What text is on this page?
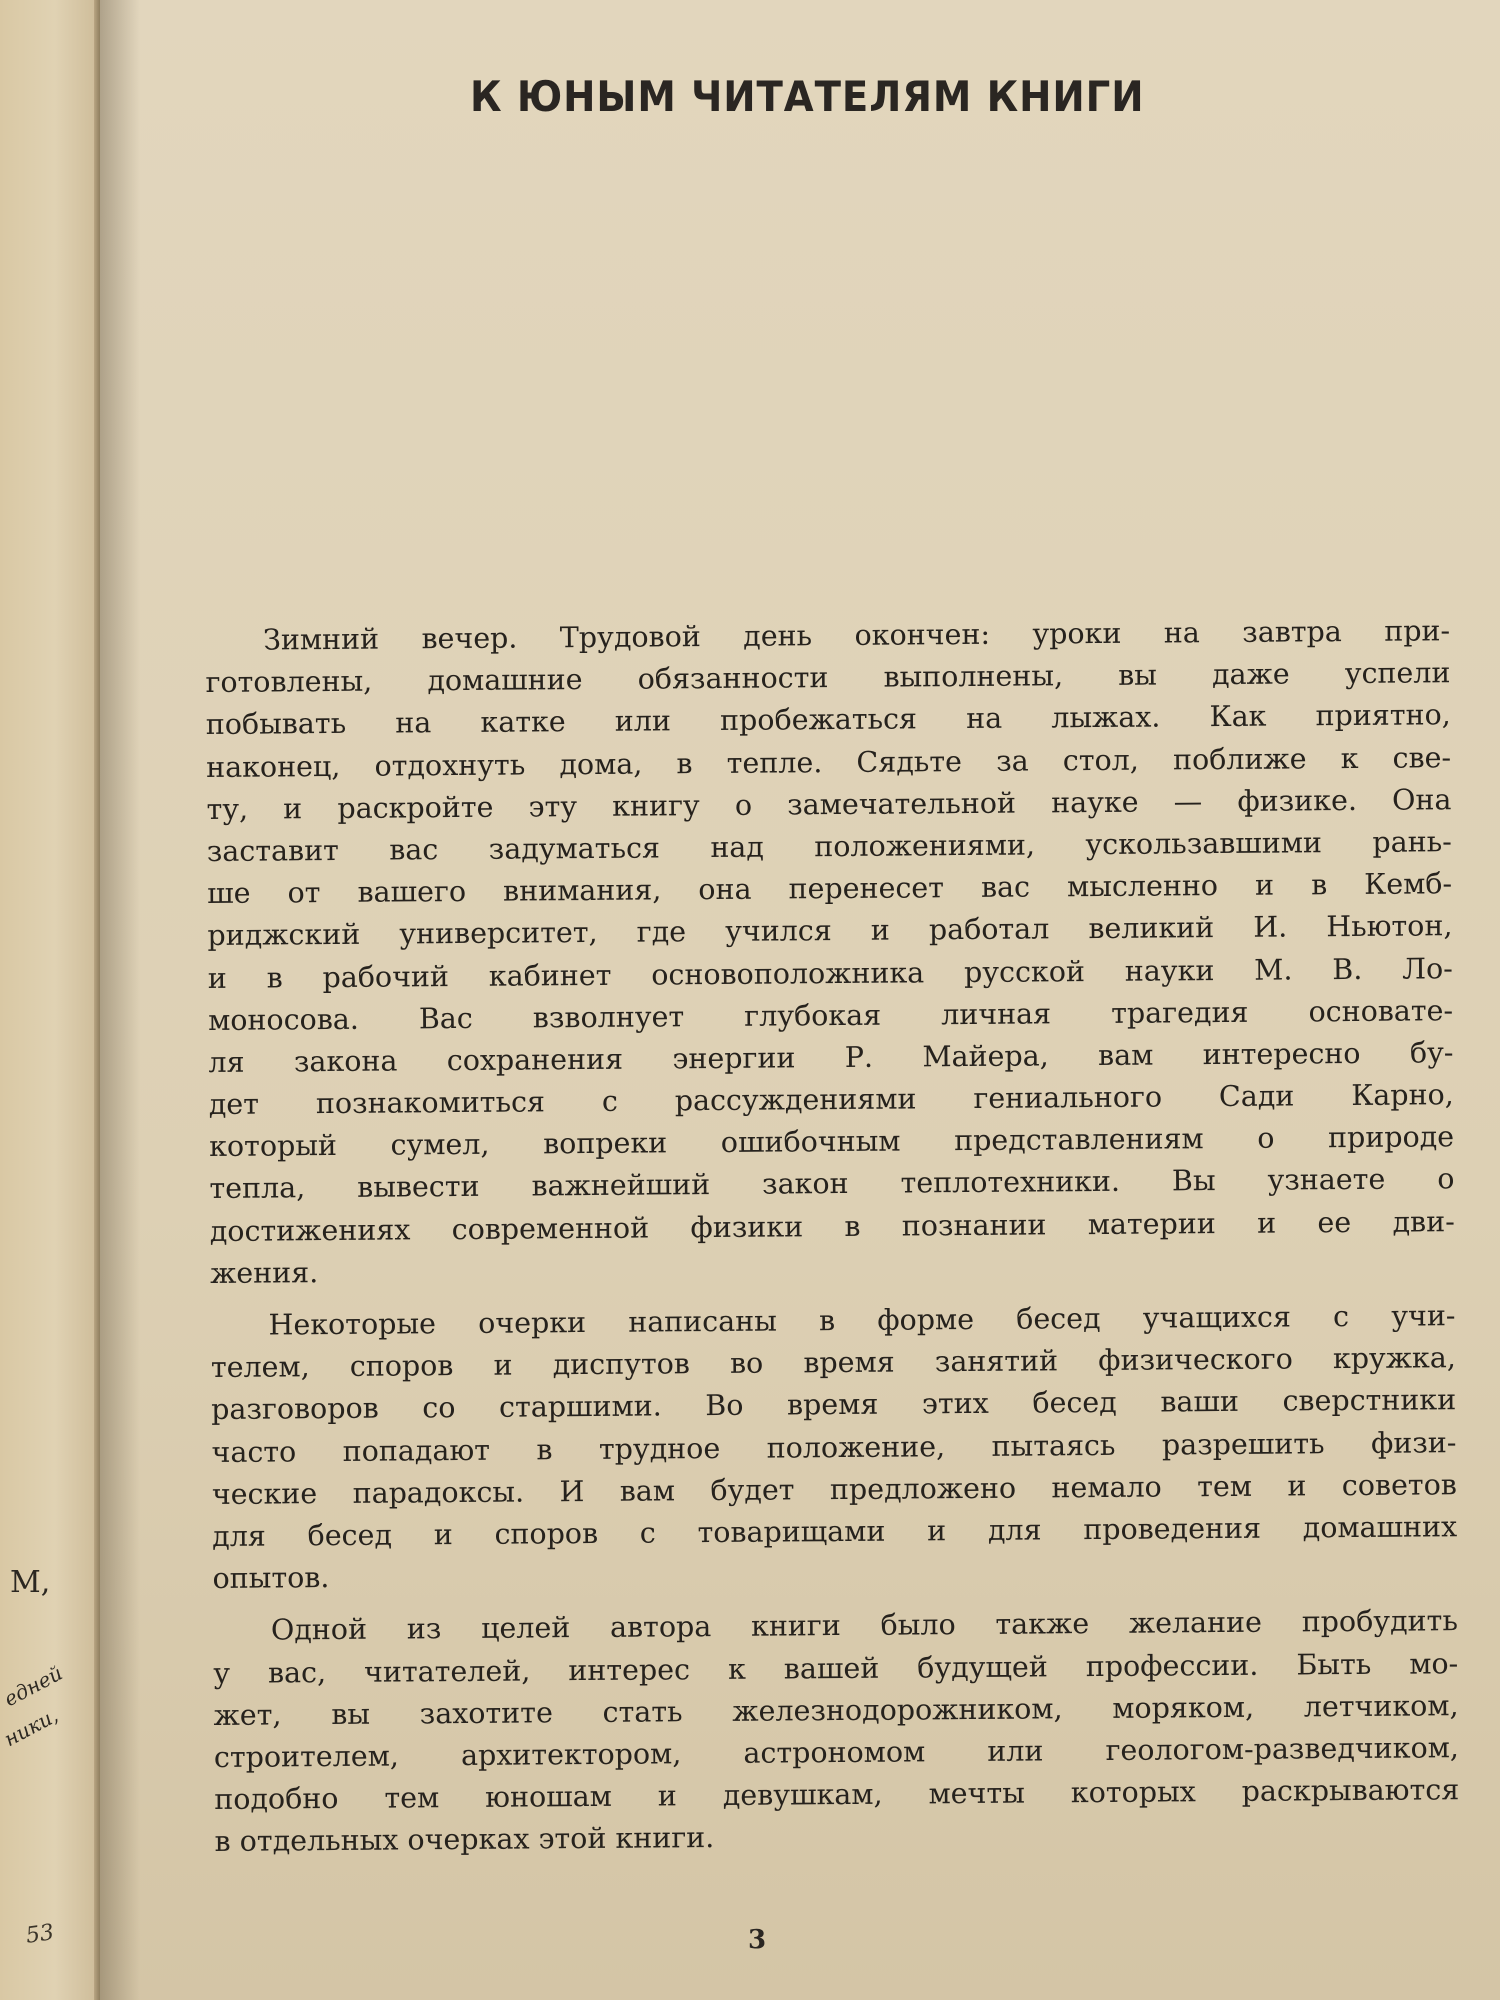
М,
едней
ники,
53
К ЮНЫМ ЧИТАТЕЛЯМ КНИГИ

Зимний вечер. Трудовой день окончен: уроки на завтра при-
готовлены, домашние обязанности выполнены, вы даже успели
побывать на катке или пробежаться на лыжах. Как приятно,
наконец, отдохнуть дома, в тепле. Сядьте за стол, поближе к све-
ту, и раскройте эту книгу о замечательной науке — физике. Она
заставит вас задуматься над положениями, ускользавшими рань-
ше от вашего внимания, она перенесет вас мысленно и в Кемб-
риджский университет, где учился и работал великий И. Ньютон,
и в рабочий кабинет основоположника русской науки М. В. Ло-
моносова. Вас взволнует глубокая личная трагедия основате-
ля закона сохранения энергии Р. Майера, вам интересно бу-
дет познакомиться с рассуждениями гениального Сади Карно,
который сумел, вопреки ошибочным представлениям о природе
тепла, вывести важнейший закон теплотехники. Вы узнаете о
достижениях современной физики в познании материи и ее дви-
жения.

Некоторые очерки написаны в форме бесед учащихся с учи-
телем, споров и диспутов во время занятий физического кружка,
разговоров со старшими. Во время этих бесед ваши сверстники
часто попадают в трудное положение, пытаясь разрешить физи-
ческие парадоксы. И вам будет предложено немало тем и советов
для бесед и споров с товарищами и для проведения домашних
опытов.

Одной из целей автора книги было также желание пробудить
у вас, читателей, интерес к вашей будущей профессии. Быть мо-
жет, вы захотите стать железнодорожником, моряком, летчиком,
строителем, архитектором, астрономом или геологом-разведчиком,
подобно тем юношам и девушкам, мечты которых раскрываются
в отдельных очерках этой книги.

3
